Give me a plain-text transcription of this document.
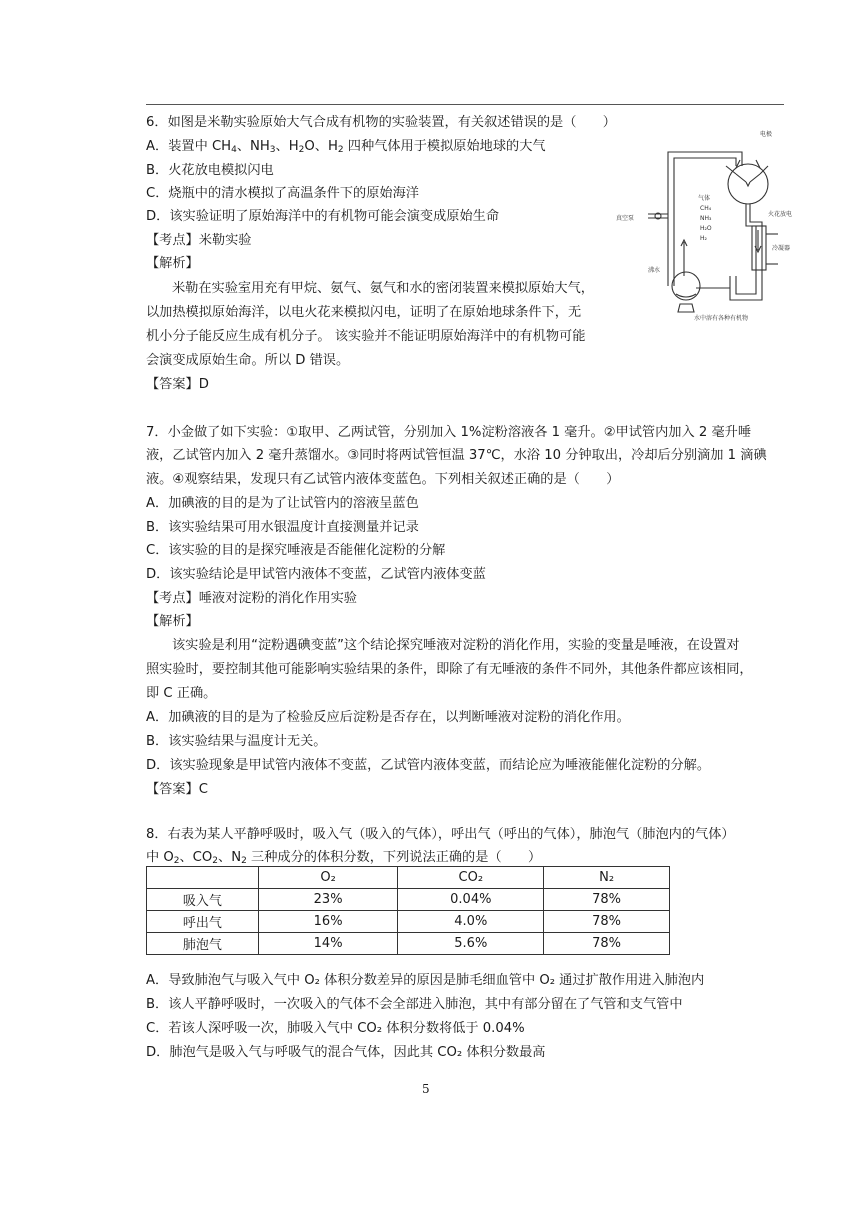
6．如图是米勒实验原始大气合成有机物的实验装置，有关叙述错误的是（　　）
A．装置中 $CH_4$、$NH_3$、$H_2O$、$H_2$ 四种气体用于模拟原始地球的大气
B．火花放电模拟闪电
C．烧瓶中的清水模拟了高温条件下的原始海洋
D．该实验证明了原始海洋中的有机物可能会演变成原始生命
【考点】米勒实验
【解析】
米勒在实验室用充有甲烷、氨气、氨气和水的密闭装置来模拟原始大气，
以加热模拟原始海洋，以电火花来模拟闪电，证明了在原始地球条件下，无
机小分子能反应生成有机分子。 该实验并不能证明原始海洋中的有机物可能
会演变成原始生命。所以 D 错误。
【答案】D
电极
气体
CH₄
NH₃
H₂O
H₂
火花放电
真空泵
冷凝器
沸水
水中溶有各种有机物
7．小金做了如下实验：①取甲、乙两试管，分别加入 1%淀粉溶液各 1 毫升。②甲试管内加入 2 毫升唾
液，乙试管内加入 2 毫升蒸馏水。③同时将两试管恒温 37℃，水浴 10 分钟取出，冷却后分别滴加 1 滴碘
液。④观察结果，发现只有乙试管内液体变蓝色。下列相关叙述正确的是（　　）
A．加碘液的目的是为了让试管内的溶液呈蓝色
B．该实验结果可用水银温度计直接测量并记录
C．该实验的目的是探究唾液是否能催化淀粉的分解
D．该实验结论是甲试管内液体不变蓝，乙试管内液体变蓝
【考点】唾液对淀粉的消化作用实验
【解析】
该实验是利用“淀粉遇碘变蓝”这个结论探究唾液对淀粉的消化作用，实验的变量是唾液，在设置对
照实验时，要控制其他可能影响实验结果的条件，即除了有无唾液的条件不同外，其他条件都应该相同，
即 C 正确。
A．加碘液的目的是为了检验反应后淀粉是否存在，以判断唾液对淀粉的消化作用。
B．该实验结果与温度计无关。
D．该实验现象是甲试管内液体不变蓝，乙试管内液体变蓝，而结论应为唾液能催化淀粉的分解。
【答案】C
8．右表为某人平静呼吸时，吸入气（吸入的气体），呼出气（呼出的气体），肺泡气（肺泡内的气体）
中 $O_2$、$CO_2$、$N_2$ 三种成分的体积分数，下列说法正确的是（　　）
	O₂	CO₂	N₂
吸入气	23%	0.04%	78%
呼出气	16%	4.0%	78%
肺泡气	14%	5.6%	78%
A．导致肺泡气与吸入气中 O₂ 体积分数差异的原因是肺毛细血管中 O₂ 通过扩散作用进入肺泡内
B．该人平静呼吸时，一次吸入的气体不会全部进入肺泡，其中有部分留在了气管和支气管中
C．若该人深呼吸一次，肺吸入气中 CO₂ 体积分数将低于 0.04%
D．肺泡气是吸入气与呼吸气的混合气体，因此其 CO₂ 体积分数最高
5
